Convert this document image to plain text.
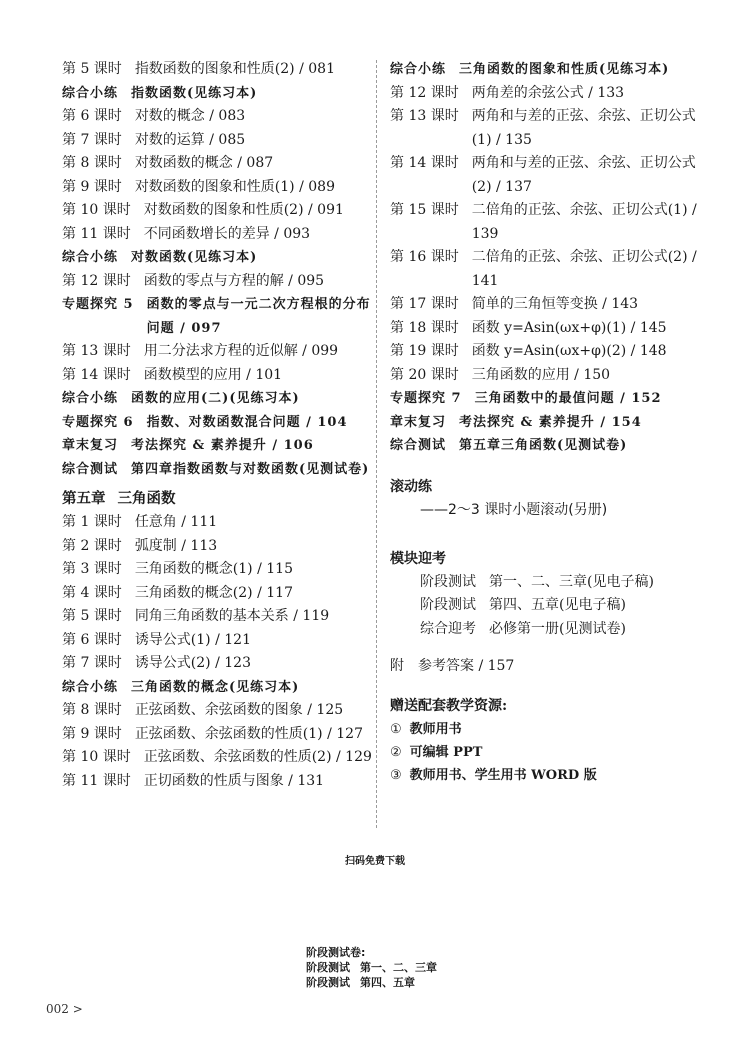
第 5 课时 指数函数的图象和性质(2) / 081
综合小练	指数函数(见练习本)
第 6 课时 对数的概念 / 083
第 7 课时 对数的运算 / 085
第 8 课时 对数函数的概念 / 087
第 9 课时 对数函数的图象和性质(1) / 089
第 10 课时 对数函数的图象和性质(2) / 091
第 11 课时 不同函数增长的差异 / 093
综合小练	对数函数(见练习本)
第 12 课时 函数的零点与方程的解 / 095
专题探究 5	函数的零点与一元二次方程根的分布问题 / 097
第 13 课时 用二分法求方程的近似解 / 099
第 14 课时 函数模型的应用 / 101
综合小练	函数的应用(二)(见练习本)
专题探究 6	指数、对数函数混合问题 / 104
章末复习	考法探究 & 素养提升 / 106
综合测试	第四章指数函数与对数函数(见测试卷)
第五章 三角函数
第 1 课时 任意角 / 111
第 2 课时 弧度制 / 113
第 3 课时 三角函数的概念(1) / 115
第 4 课时 三角函数的概念(2) / 117
第 5 课时 同角三角函数的基本关系 / 119
第 6 课时 诱导公式(1) / 121
第 7 课时 诱导公式(2) / 123
综合小练	三角函数的概念(见练习本)
第 8 课时 正弦函数、余弦函数的图象 / 125
第 9 课时 正弦函数、余弦函数的性质(1) / 127
第 10 课时 正弦函数、余弦函数的性质(2) / 129
第 11 课时 正切函数的性质与图象 / 131
综合小练	三角函数的图象和性质(见练习本)
第 12 课时 两角差的余弦公式 / 133
第 13 课时 两角和与差的正弦、余弦、正切公式(1) / 135
第 14 课时 两角和与差的正弦、余弦、正切公式(2) / 137
第 15 课时 二倍角的正弦、余弦、正切公式(1) / 139
第 16 课时 二倍角的正弦、余弦、正切公式(2) / 141
第 17 课时 简单的三角恒等变换 / 143
第 18 课时 函数 y=Asin(ωx+φ)(1) / 145
第 19 课时 函数 y=Asin(ωx+φ)(2) / 148
第 20 课时 三角函数的应用 / 150
专题探究 7	三角函数中的最值问题 / 152
章末复习	考法探究 & 素养提升 / 154
综合测试	第五章三角函数(见测试卷)
滚动练
——2～3 课时小题滚动(另册)
模块迎考
阶段测试 第一、二、三章(见电子稿)
阶段测试 第四、五章(见电子稿)
综合迎考 必修第一册(见测试卷)
附 参考答案 / 157
赠送配套教学资源:
① 教师用书
② 可编辑 PPT
③ 教师用书、学生用书 WORD 版
扫码免费下载
阶段测试卷:
阶段测试 第一、二、三章
阶段测试 第四、五章
002 >
